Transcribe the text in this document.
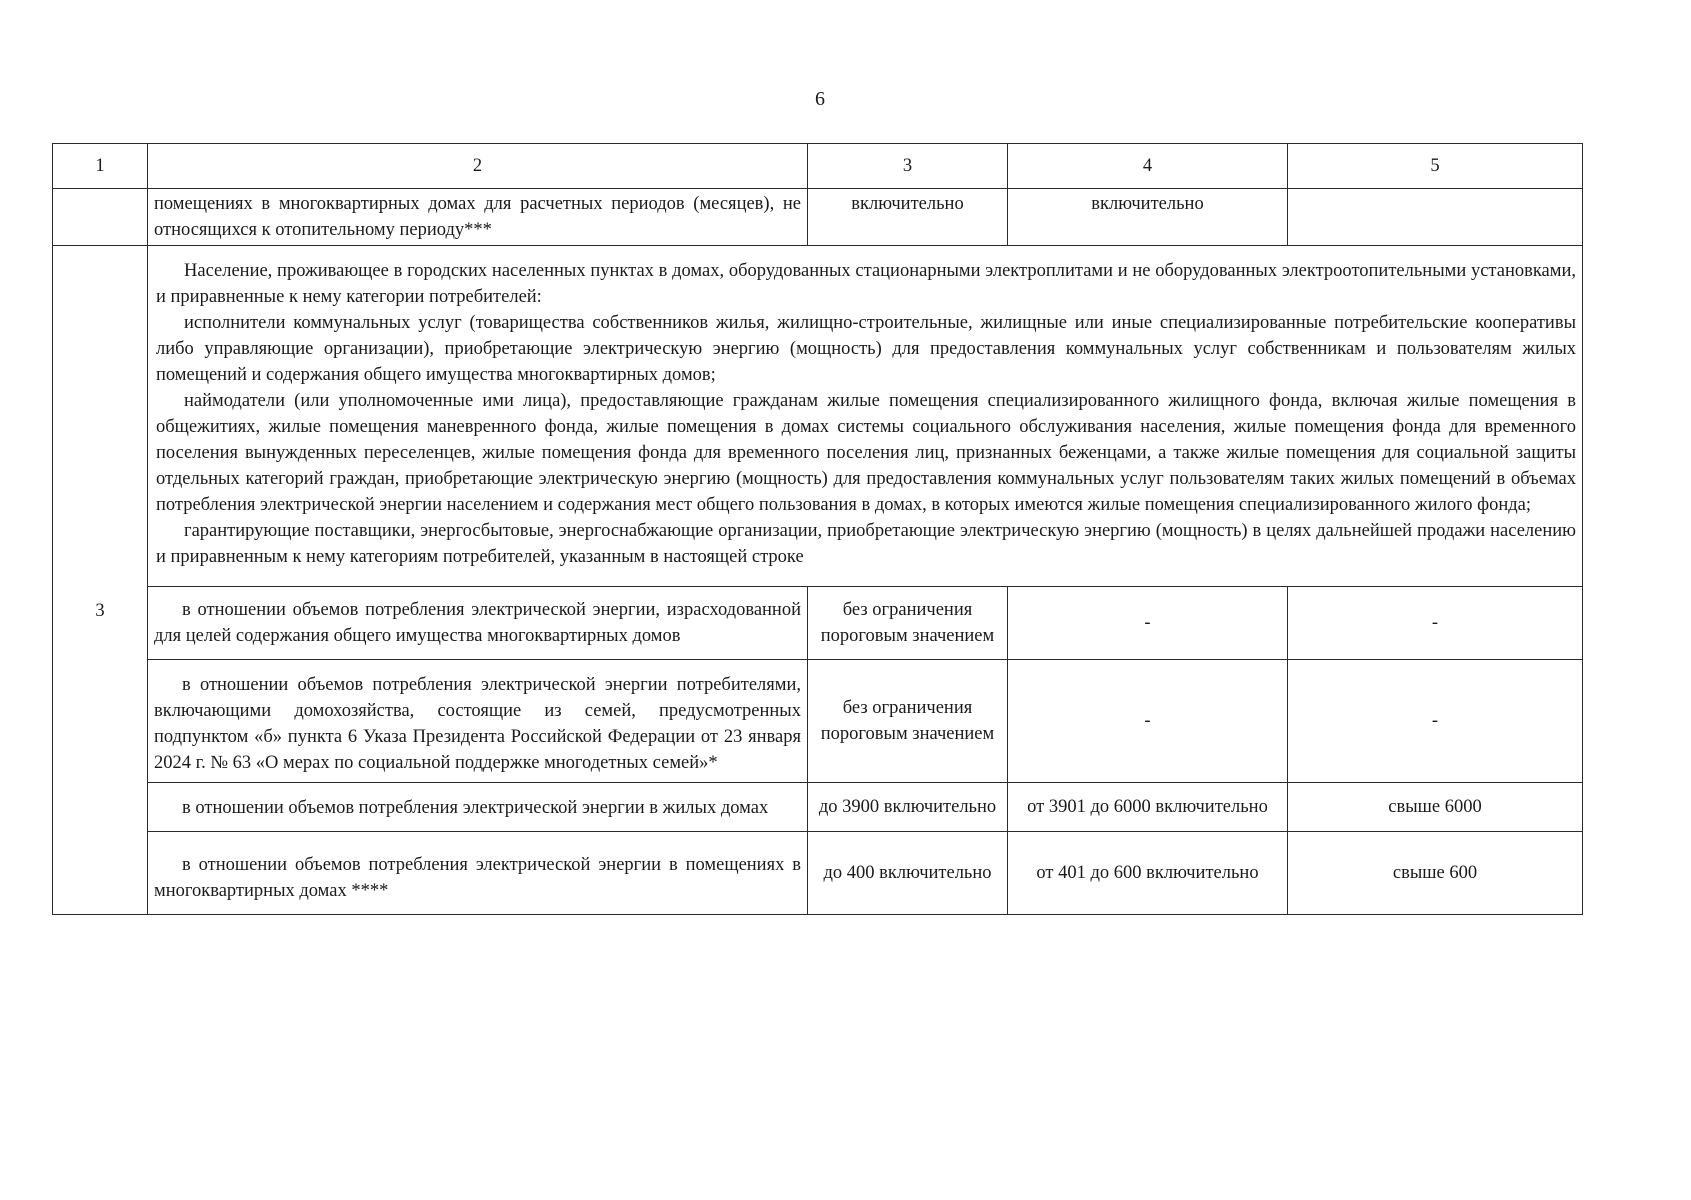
6
1	2	3	4	5
	помещениях в многоквартирных домах для расчетных периодов (месяцев), не относящихся к отопительному периоду***	включительно	включительно	

3	Население, проживающее в городских населенных пунктах в домах, оборудованных стационарными электроплитами и не оборудованных электроотопительными установками, и приравненные к нему категории потребителей:

исполнители коммунальных услуг (товарищества собственников жилья, жилищно-строительные, жилищные или иные специализированные потребительские кооперативы либо управляющие организации), приобретающие электрическую энергию (мощность) для предоставления коммунальных услуг собственникам и пользователям жилых помещений и содержания общего имущества многоквартирных домов;

наймодатели (или уполномоченные ими лица), предоставляющие гражданам жилые помещения специализированного жилищного фонда, включая жилые помещения в общежитиях, жилые помещения маневренного фонда, жилые помещения в домах системы социального обслуживания населения, жилые помещения фонда для временного поселения вынужденных переселенцев, жилые помещения фонда для временного поселения лиц, признанных беженцами, а также жилые помещения для социальной защиты отдельных категорий граждан, приобретающие электрическую энергию (мощность) для предоставления коммунальных услуг пользователям таких жилых помещений в объемах потребления электрической энергии населением и содержания мест общего пользования в домах, в которых имеются жилые помещения специализированного жилого фонда;

гарантирующие поставщики, энергосбытовые, энергоснабжающие организации, приобретающие электрическую энергию (мощность) в целях дальнейшей продажи населению и приравненным к нему категориям потребителей, указанным в настоящей строке			

	в отношении объемов потребления электрической энергии, израсходованной для целей содержания общего имущества многоквартирных домов	без ограничения пороговым значением	-	-

	в отношении объемов потребления электрической энергии потребителями, включающими домохозяйства, состоящие из семей, предусмотренных подпунктом «б» пункта 6 Указа Президента Российской Федерации от 23 января 2024 г. № 63 «О мерах по социальной поддержке многодетных семей»*	без ограничения пороговым значением	-	-

	в отношении объемов потребления электрической энергии в жилых домах	до 3900 включительно	от 3901 до 6000 включительно	свыше 6000

	в отношении объемов потребления электрической энергии в помещениях в многоквартирных домах ****	до 400 включительно	от 401 до 600 включительно	свыше 600
